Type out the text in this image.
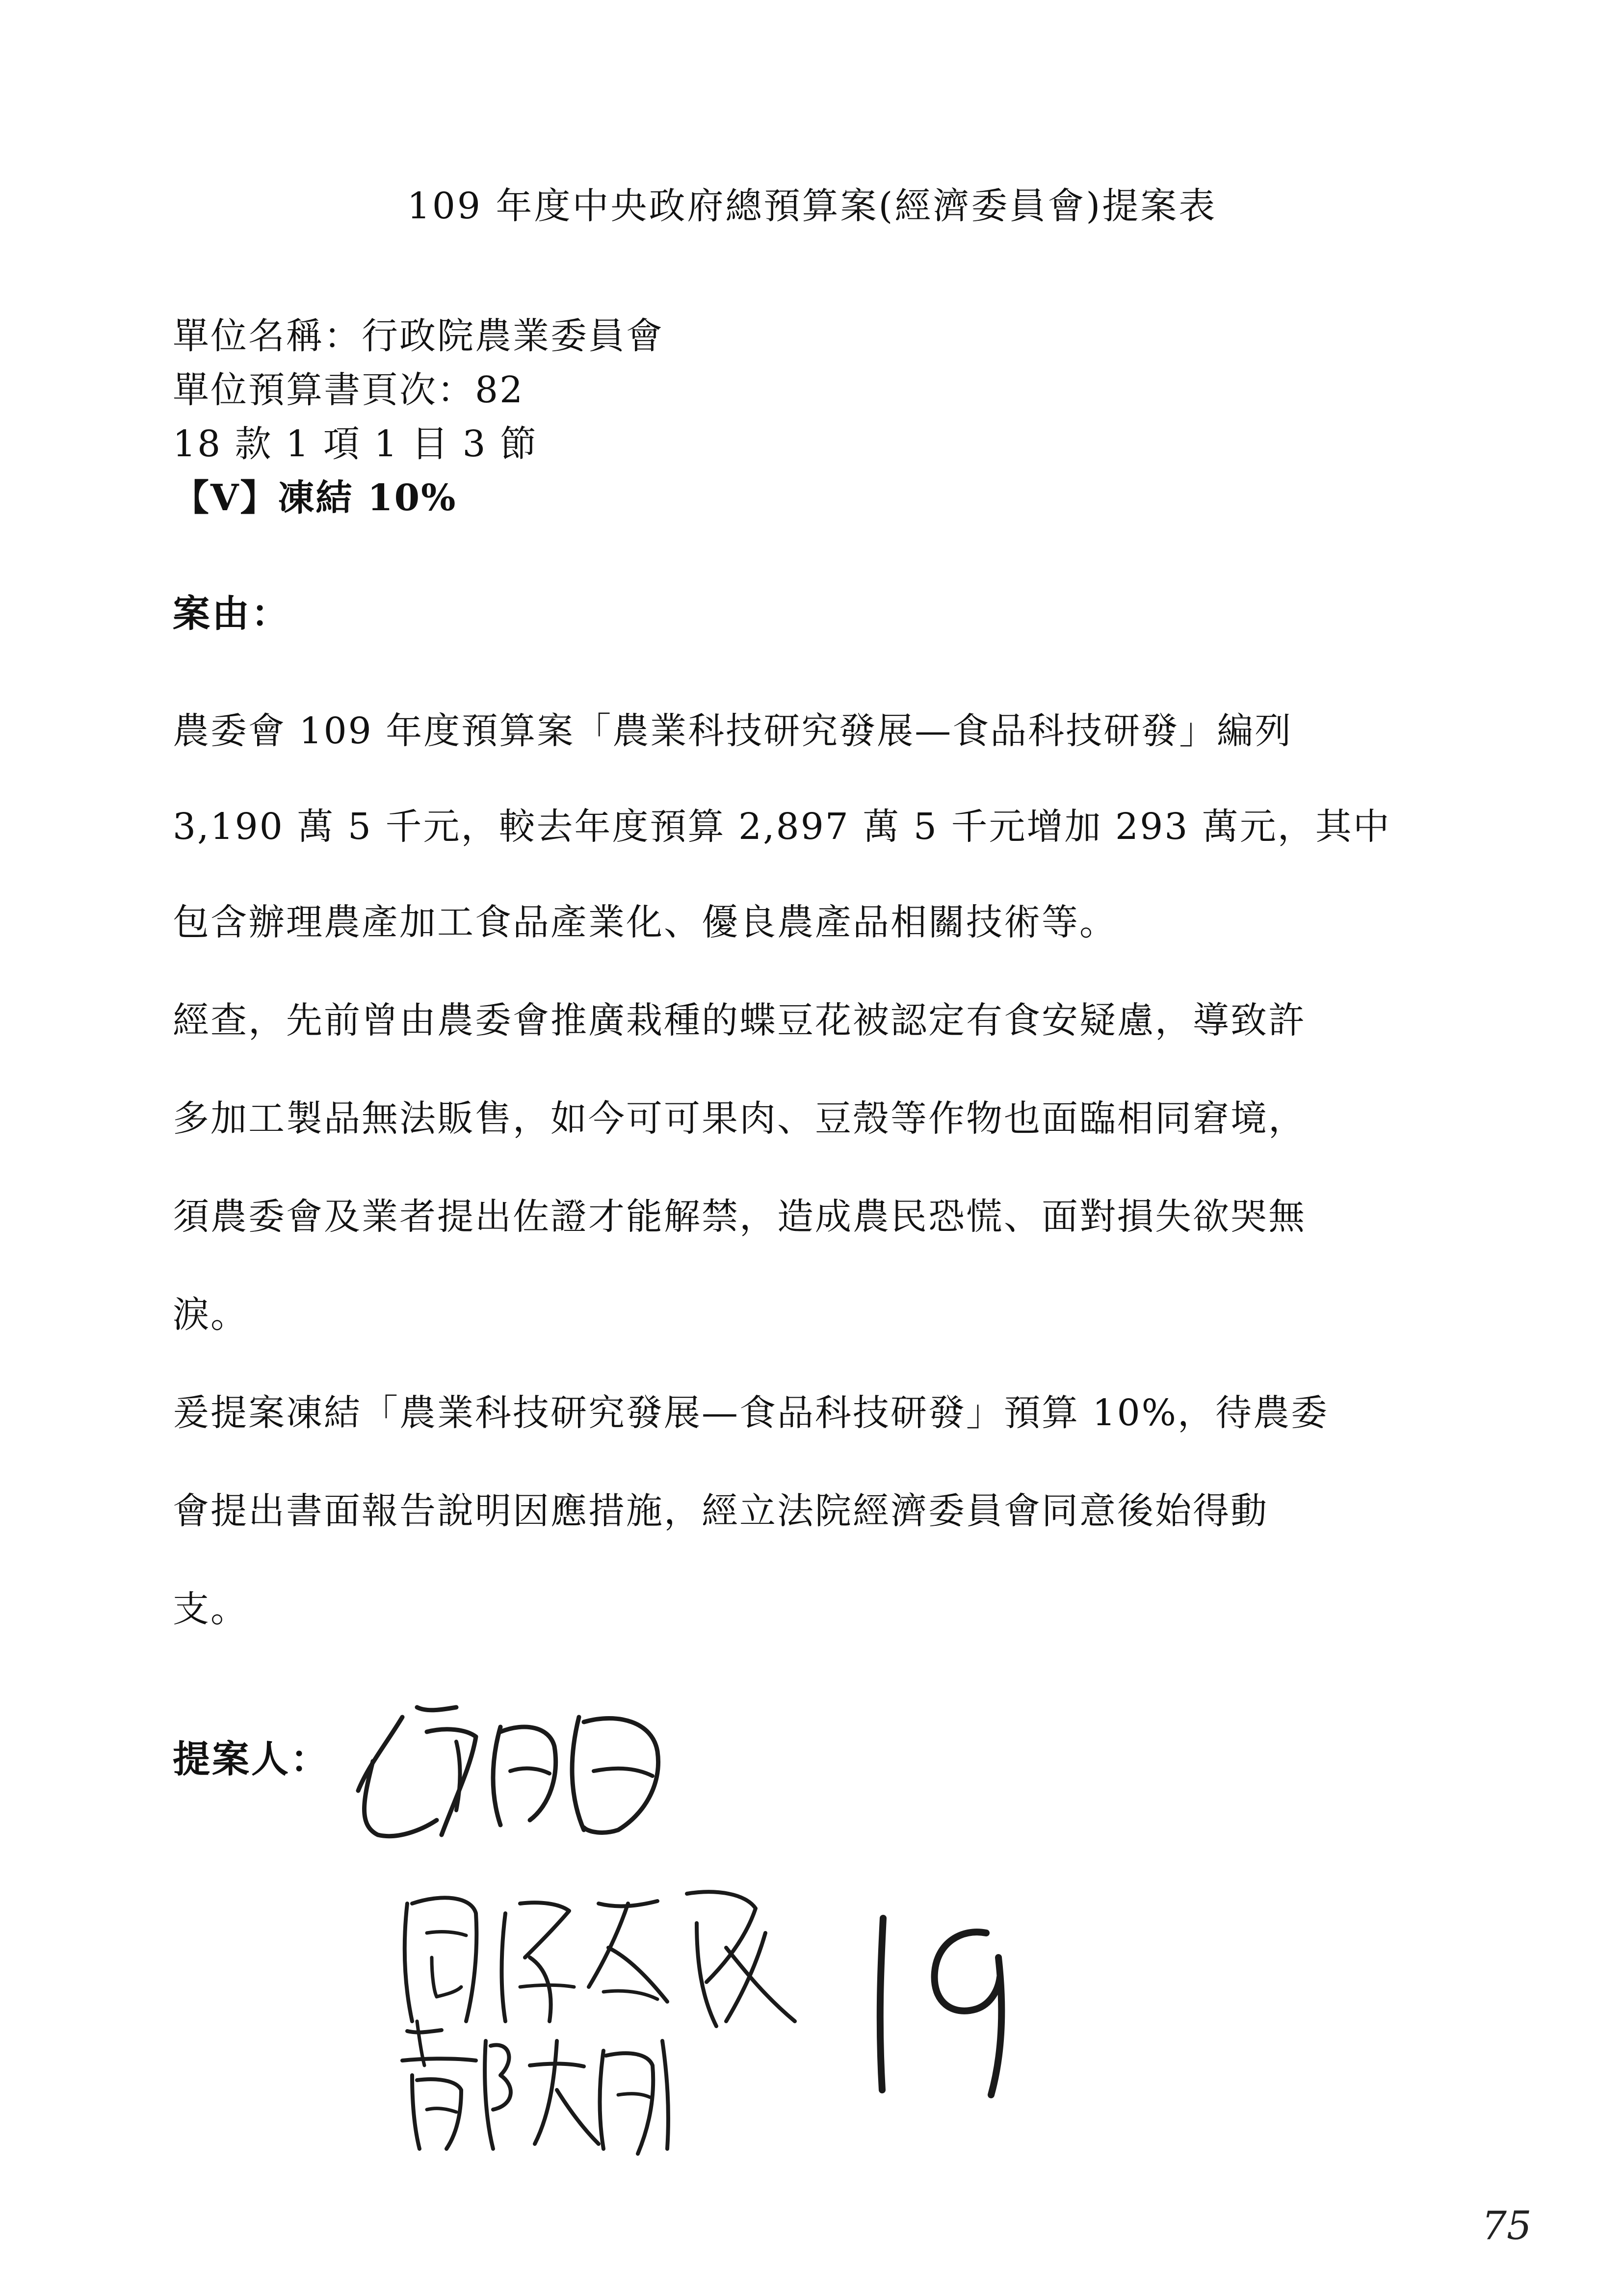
109 年度中央政府總預算案(經濟委員會)提案表
單位名稱：行政院農業委員會
單位預算書頁次：82
18 款 1 項 1 目 3 節
【V】凍結 10%
案由：
農委會 109 年度預算案「農業科技研究發展—食品科技研發」編列
3,190 萬 5 千元，較去年度預算 2,897 萬 5 千元增加 293 萬元，其中
包含辦理農產加工食品產業化、優良農產品相關技術等。
經查，先前曾由農委會推廣栽種的蝶豆花被認定有食安疑慮，導致許
多加工製品無法販售，如今可可果肉、豆殼等作物也面臨相同窘境，
須農委會及業者提出佐證才能解禁，造成農民恐慌、面對損失欲哭無
淚。
爰提案凍結「農業科技研究發展—食品科技研發」預算 10%，待農委
會提出書面報告說明因應措施，經立法院經濟委員會同意後始得動
支。
提案人：
75
